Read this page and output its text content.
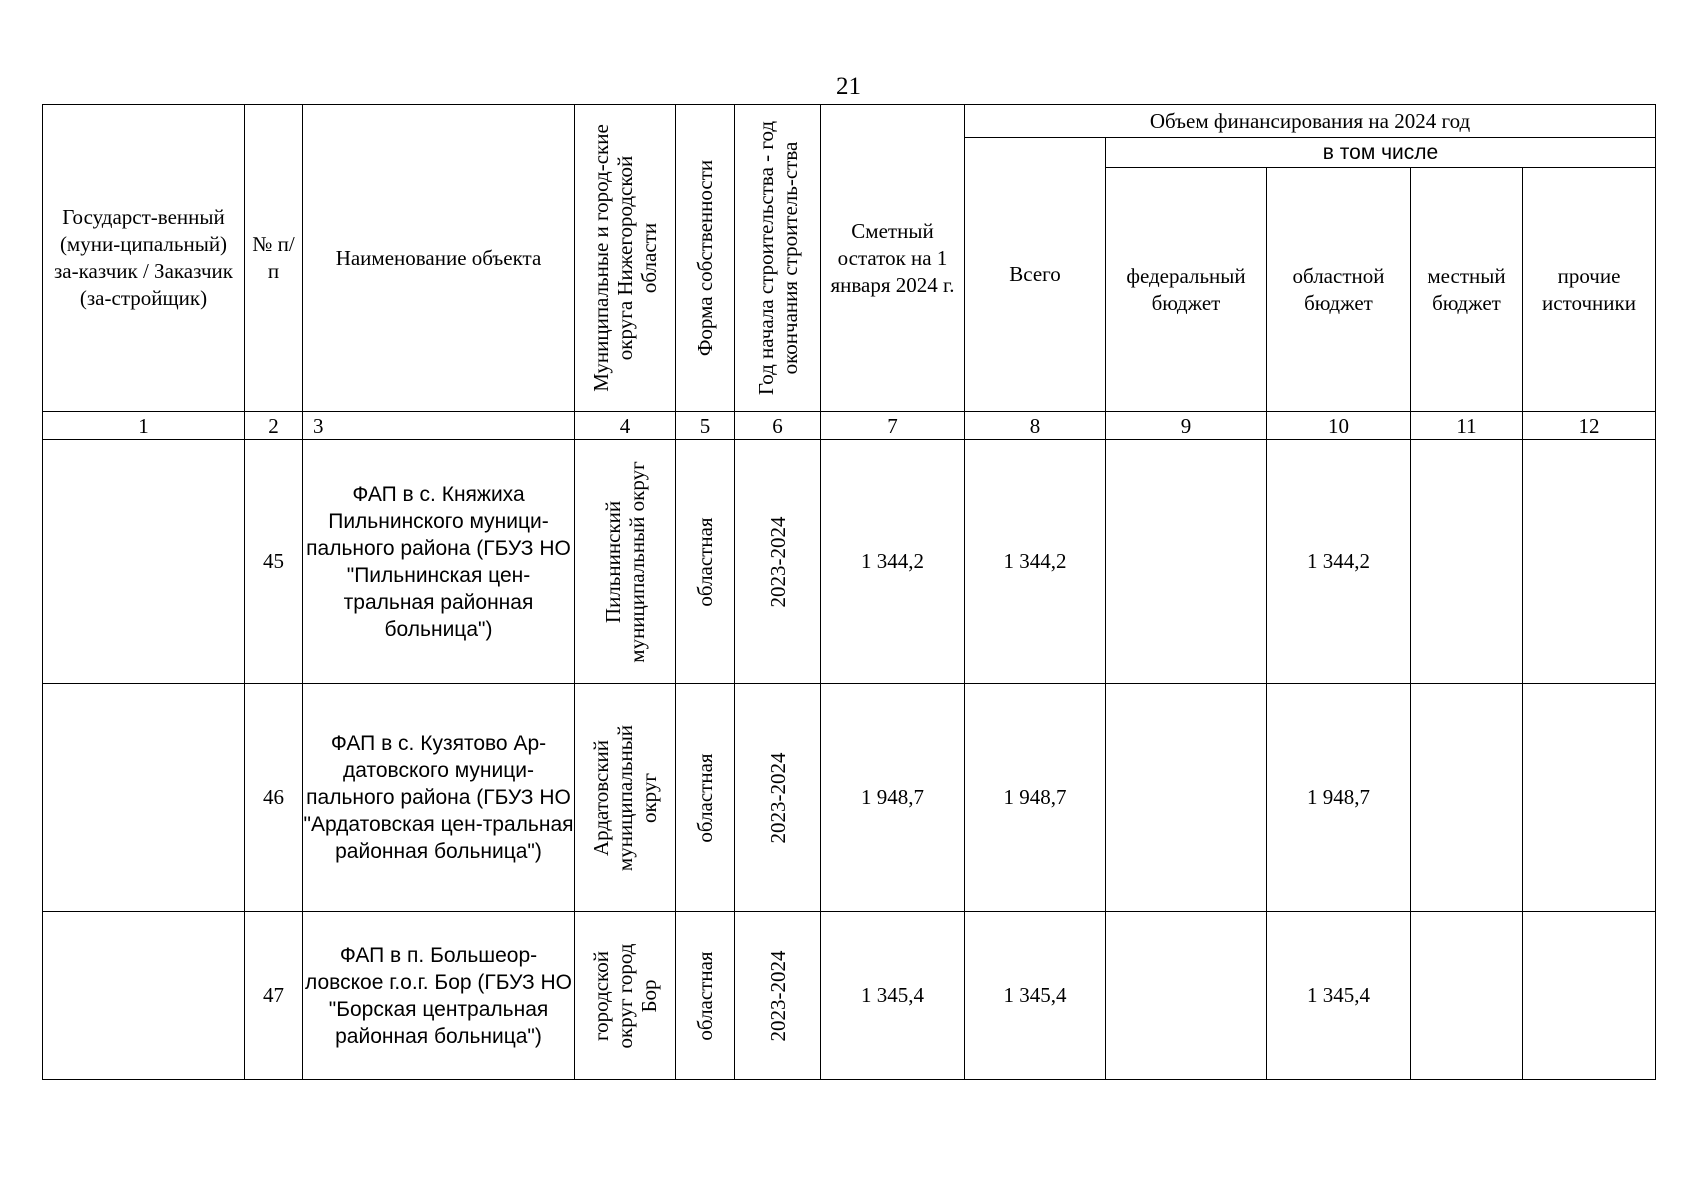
21
Государст-венный (муни-ципальный) за-казчик / Заказчик (за-стройщик)	№ п/п	Наименование объекта	Муниципальные и город-ские округа Нижегородской области	Форма собственности	Год начала строительства - год окончания строитель-ства	Сметный остаток на 1 января 2024 г.	Объем финансирования на 2024 год				
							Всего	в том числе			

								федеральный бюджет	областной бюджет	местный бюджет	прочие источники

1	2	3	4	5	6	7	8	9	10	11	12
	45	ФАП в с. Княжиха Пильнинского муници-пального района (ГБУЗ НО "Пильнинская цен-тральная районная больница")	Пильнинский муниципальный округ	областная	2023-2024	1 344,2	1 344,2		1 344,2		
	46	ФАП в с. Кузятово Ар-датовского муници-пального района (ГБУЗ НО "Ардатовская цен-тральная районная больница")	Ардатовский муниципальный округ	областная	2023-2024	1 948,7	1 948,7		1 948,7		
	47	ФАП в п. Большеор-ловское г.о.г. Бор (ГБУЗ НО "Борская центральная районная больница")	городской округ город Бор	областная	2023-2024	1 345,4	1 345,4		1 345,4		
